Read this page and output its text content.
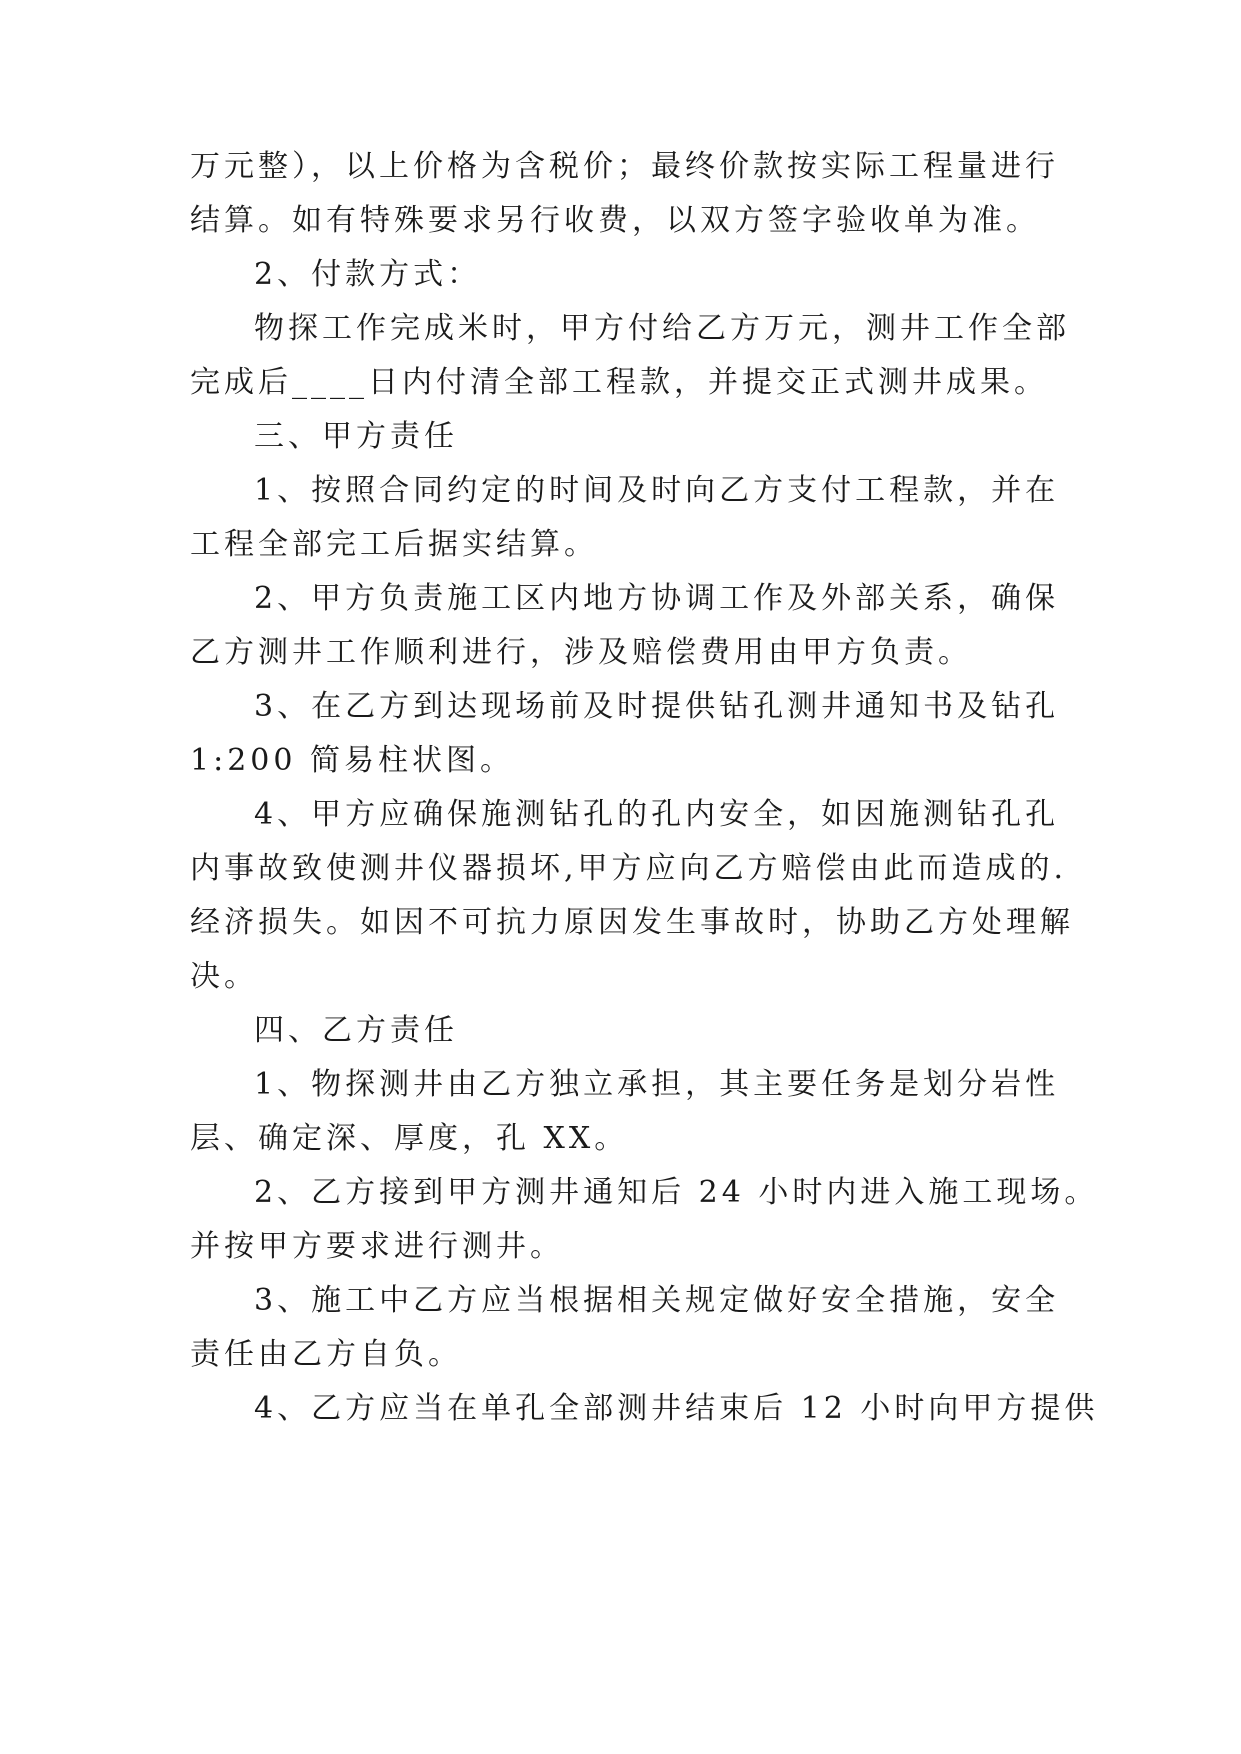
万元整），以上价格为含税价；最终价款按实际工程量进行

结算。如有特殊要求另行收费，以双方签字验收单为准。

2、付款方式：

物探工作完成米时，甲方付给乙方万元，测井工作全部

完成后____日内付清全部工程款，并提交正式测井成果。

三、甲方责任

1、按照合同约定的时间及时向乙方支付工程款，并在

工程全部完工后据实结算。

2、甲方负责施工区内地方协调工作及外部关系，确保

乙方测井工作顺利进行，涉及赔偿费用由甲方负责。

3、在乙方到达现场前及时提供钻孔测井通知书及钻孔

1:200 简易柱状图。

4、甲方应确保施测钻孔的孔内安全，如因施测钻孔孔

内事故致使测井仪器损坏,甲方应向乙方赔偿由此而造成的.

经济损失。如因不可抗力原因发生事故时，协助乙方处理解

决。

四、乙方责任

1、物探测井由乙方独立承担，其主要任务是划分岩性

层、确定深、厚度，孔 XX。

2、乙方接到甲方测井通知后 24 小时内进入施工现场。

并按甲方要求进行测井。

3、施工中乙方应当根据相关规定做好安全措施，安全

责任由乙方自负。

4、乙方应当在单孔全部测井结束后 12 小时向甲方提供
